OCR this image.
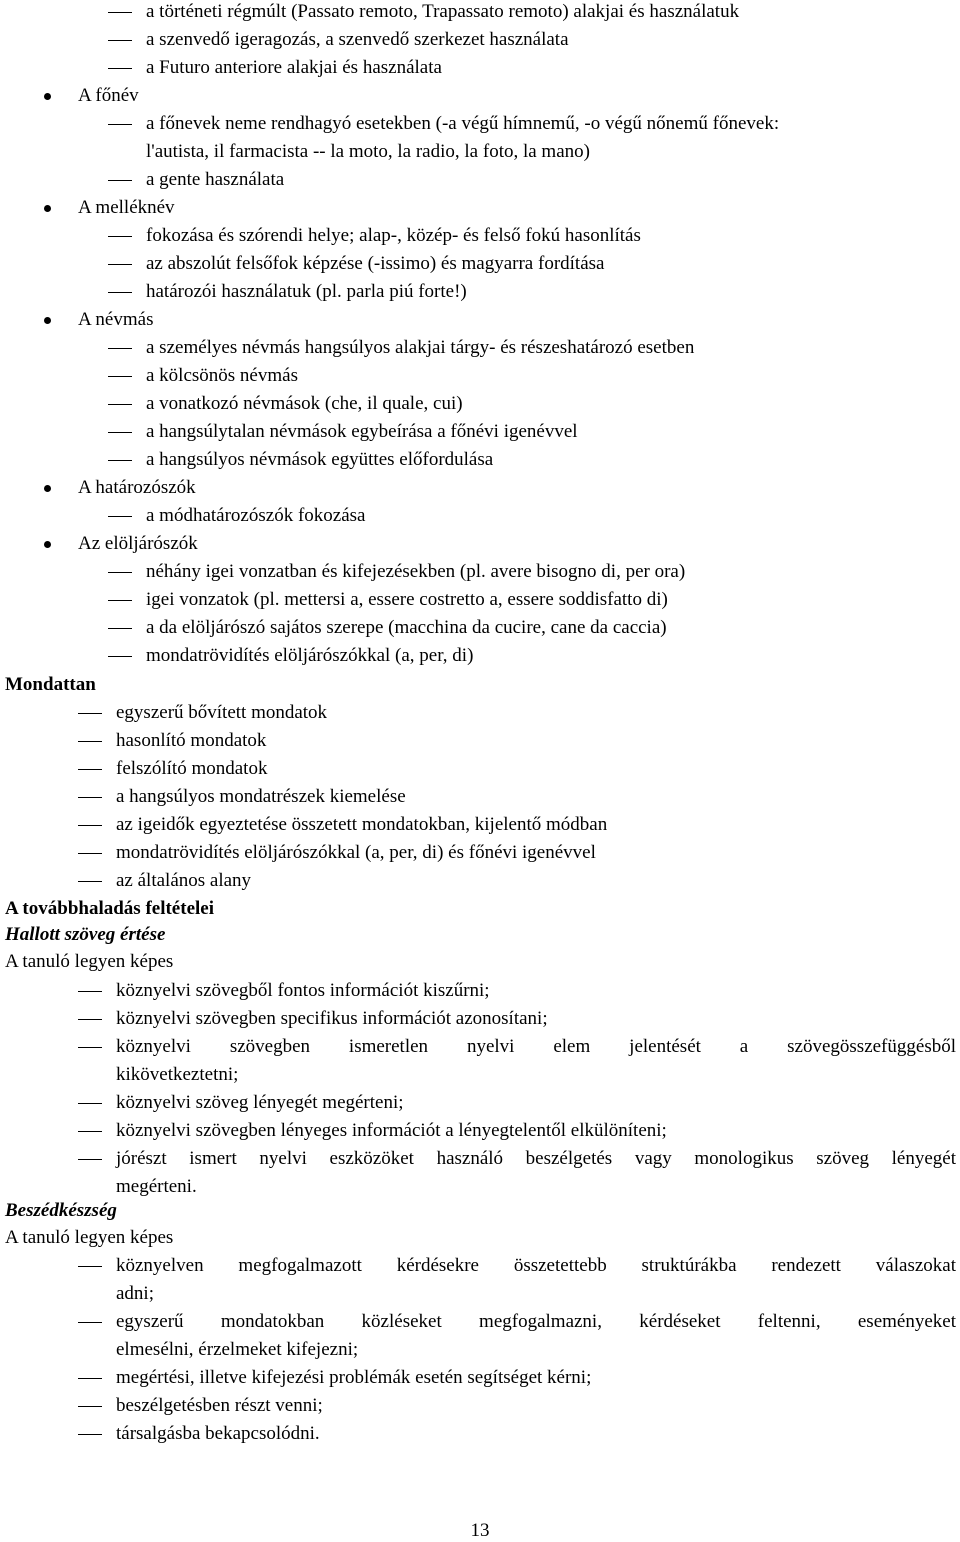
a történeti régmúlt (Passato remoto, Trapassato remoto) alakjai és használatuk
a szenvedő igeragozás, a szenvedő szerkezet használata
a Futuro anteriore alakjai és használata
A főnév
a főnevek neme rendhagyó esetekben (-a végű hímnemű, -o végű nőnemű főnevek:
l'autista, il farmacista -- la moto, la radio, la foto, la mano)
a gente használata
A melléknév
fokozása és szórendi helye; alap-, közép- és felső fokú hasonlítás
az abszolút felsőfok képzése (-issimo) és magyarra fordítása
határozói használatuk (pl. parla piú forte!)
A névmás
a személyes névmás hangsúlyos alakjai tárgy- és részeshatározó esetben
a kölcsönös névmás
a vonatkozó névmások (che, il quale, cui)
a hangsúlytalan névmások egybeírása a főnévi igenévvel
a hangsúlyos névmások együttes előfordulása
A határozószók
a módhatározószók fokozása
Az elöljárószók
néhány igei vonzatban és kifejezésekben (pl. avere bisogno di, per ora)
igei vonzatok (pl. mettersi a, essere costretto a, essere soddisfatto di)
a da elöljárószó sajátos szerepe (macchina da cucire, cane da caccia)
mondatrövidítés elöljárószókkal (a, per, di)
Mondattan
egyszerű bővített mondatok
hasonlító mondatok
felszólító mondatok
a hangsúlyos mondatrészek kiemelése
az igeidők egyeztetése összetett mondatokban, kijelentő módban
mondatrövidítés elöljárószókkal (a, per, di) és főnévi igenévvel
az általános alany
A továbbhaladás feltételei
Hallott szöveg értése
A tanuló legyen képes
köznyelvi szövegből fontos információt kiszűrni;
köznyelvi szövegben specifikus információt azonosítani;
köznyelvi szövegben ismeretlen nyelvi elem jelentését a szövegösszefüggésből
kikövetkeztetni;
köznyelvi szöveg lényegét megérteni;
köznyelvi szövegben lényeges információt a lényegtelentől elkülöníteni;
jórészt ismert nyelvi eszközöket használó beszélgetés vagy monologikus szöveg lényegét
megérteni.
Beszédkészség
A tanuló legyen képes
köznyelven megfogalmazott kérdésekre összetettebb struktúrákba rendezett válaszokat
adni;
egyszerű mondatokban közléseket megfogalmazni, kérdéseket feltenni, eseményeket
elmesélni, érzelmeket kifejezni;
megértési, illetve kifejezési problémák esetén segítséget kérni;
beszélgetésben részt venni;
társalgásba bekapcsolódni.
13
